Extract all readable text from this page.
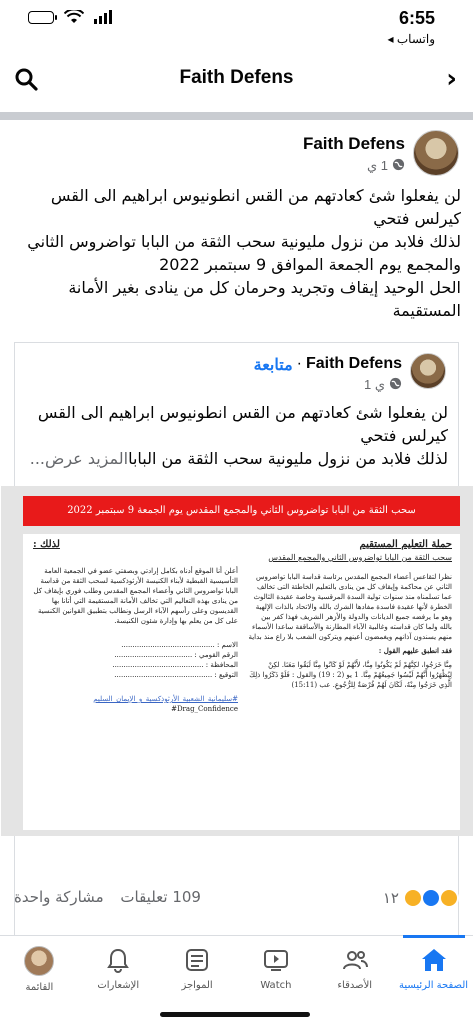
6:55
◂ واتساب
Faith Defens	›
Faith Defens
1 ي

لن يفعلوا شئ كعادتهم من القس انطونيوس ابراهيم الى القس كيرلس فتحي

لذلك فلابد من نزول مليونية سحب الثقة من البابا تواضروس الثاني والمجمع يوم الجمعة الموافق 9 سبتمبر 2022

الحل الوحيد إيقاف وتجريد وحرمان كل من ينادى بغير الأمانة المستقيمة

Faith Defens
·
متابعة
1 ي

لن يفعلوا شئ كعادتهم من القس انطونيوس ابراهيم الى القس كيرلس فتحي

لذلك فلابد من نزول مليونية سحب الثقة من الباباالمزيد عرض...

سحب الثقة من البابا تواضروس الثاني والمجمع المقدس يوم الجمعة 9 سبتمبر 2022
حملة التعليم المستقيم
سحب الثقة من البابا تواضروس الثاني والمجمع المقدس

نظرا لتقاعس أعضاء المجمع المقدس برئاسة قداسة البابا تواضروس الثاني عن محاكمة وإيقاف كل من ينادى بالتعليم الخاطئة التى تخالف عما تسلمناه منذ سنوات تولية السدة المرقسية وخاصة عقيدة الثالوث الخطرة لأنها عقيدة فاسدة مفادها الشرك بالله والاتحاد بالذات الإلهية وهو ما يرفضه جميع الديانات والدولة والأزهر الشريف فهذا كفر بين بالله ولما كان قداسته وغالبية الآباء المطارنة والأساقفة ساعدا الأسماء منهم يسندون آذانهم ويغمضون أعينهم ويتركون الشعب بلا راع منذ بداية

فقد انطبق عليهم القول :

مِنَّا خَرَجُوا، لكِنَّهُمْ لَمْ يَكُونُوا مِنَّا، لأَنَّهُمْ لَوْ كَانُوا مِنَّا لَبَقُوا مَعَنَا. لكِنْ لِيُظْهَرُوا أَنَّهُمْ لَيْسُوا جَمِيعُهُمْ مِنَّا. 1 يو (2 : 19) والقول : فَلَوْ ذَكَرُوا ذلِكَ الَّذِي خَرَجُوا مِنْهُ، لَكَانَ لَهُمْ فُرْصَةٌ لِلرُّجُوعِ. عب (15:11)

لذلك :

أعلن أنا الموقع أدناه بكامل إرادتي وبصفتي عضو في الجمعية العامة التأسيسية القبطية لأبناء الكنيسة الأرثوذكسية لسحب الثقة من قداسة البابا تواضروس الثاني وأعضاء المجمع المقدس وطلب فوري بإيقاف كل من ينادى بهذه التعاليم التي تخالف الأمانة المستقيمة التي أتانا بها القديسون وعلى رأسهم الآباء الرسل ونطالب بتطبيق القوانين الكنسية على كل من يعلم بها وإدارة شئون الكنيسة.

الاسم : ..........................................

الرقم القومي : ...................................

المحافظة : .........................................

التوقيع : ............................................

#سليمانية_الشعبية_الأرثوذكسية_و_الإيمان_السليم

#Drag_Confidence

١٢
109 تعليقات مشاركة واحدة
القائمة	الإشعارات	المواجز	Watch	الأصدقاء	الصفحة الرئيسية
